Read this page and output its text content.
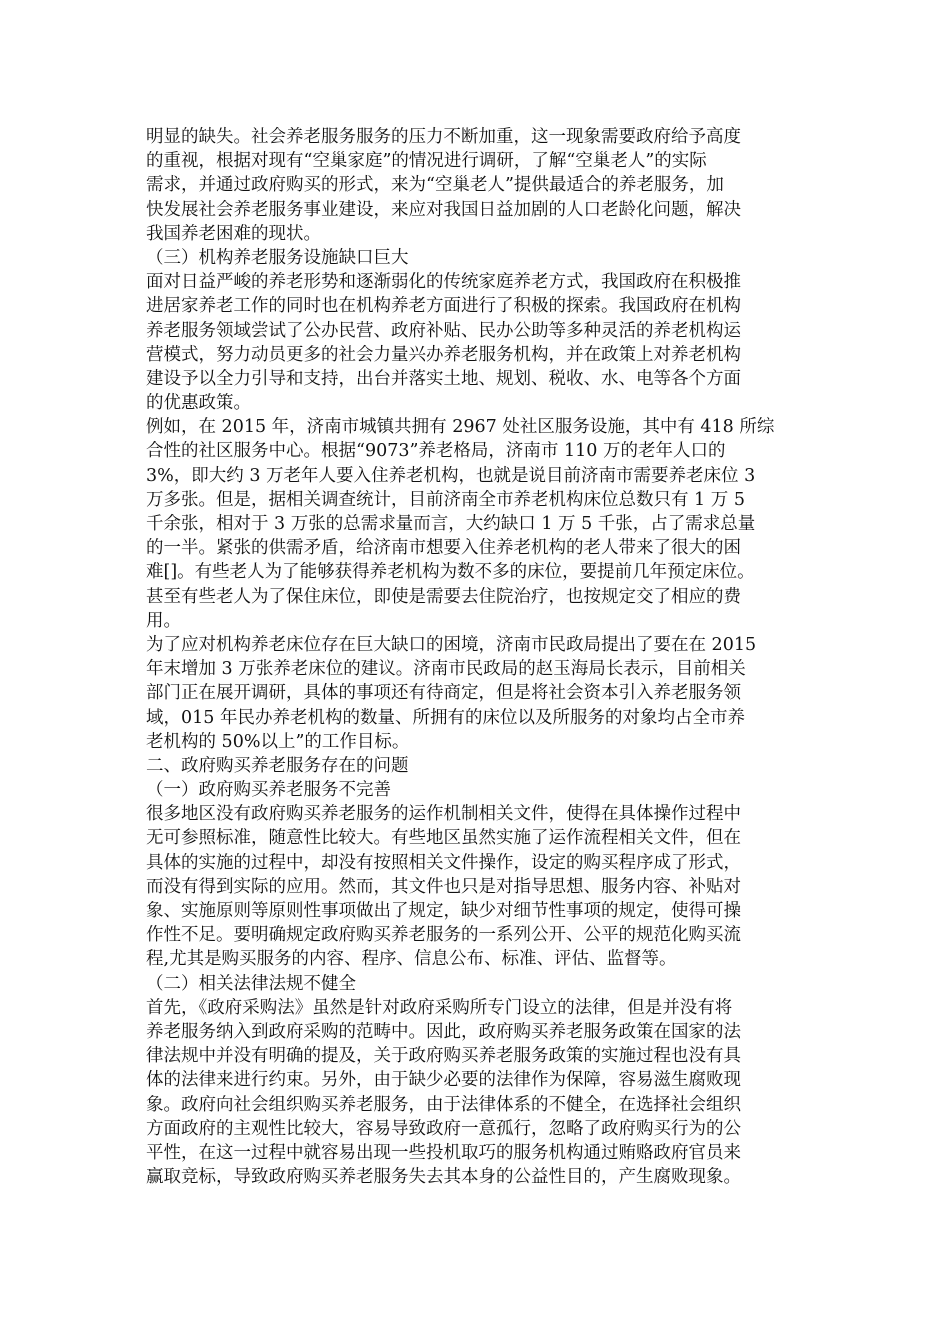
明显的缺失。社会养老服务服务的压力不断加重，这一现象需要政府给予高度
的重视，根据对现有“空巢家庭”的情况进行调研，了解“空巢老人”的实际
需求，并通过政府购买的形式，来为“空巢老人”提供最适合的养老服务，加
快发展社会养老服务事业建设，来应对我国日益加剧的人口老龄化问题，解决
我国养老困难的现状。
（三）机构养老服务设施缺口巨大
面对日益严峻的养老形势和逐渐弱化的传统家庭养老方式，我国政府在积极推
进居家养老工作的同时也在机构养老方面进行了积极的探索。我国政府在机构
养老服务领域尝试了公办民营、政府补贴、民办公助等多种灵活的养老机构运
营模式，努力动员更多的社会力量兴办养老服务机构，并在政策上对养老机构
建设予以全力引导和支持，出台并落实土地、规划、税收、水、电等各个方面
的优惠政策。
例如，在 2015 年，济南市城镇共拥有 2967 处社区服务设施，其中有 418 所综
合性的社区服务中心。根据“9073”养老格局，济南市 110 万的老年人口的
3%，即大约 3 万老年人要入住养老机构，也就是说目前济南市需要养老床位 3
万多张。但是，据相关调查统计，目前济南全市养老机构床位总数只有 1 万 5
千余张，相对于 3 万张的总需求量而言，大约缺口 1 万 5 千张，占了需求总量
的一半。紧张的供需矛盾，给济南市想要入住养老机构的老人带来了很大的困
难[]。有些老人为了能够获得养老机构为数不多的床位，要提前几年预定床位。
甚至有些老人为了保住床位，即使是需要去住院治疗，也按规定交了相应的费
用。
为了应对机构养老床位存在巨大缺口的困境，济南市民政局提出了要在在 2015
年末增加 3 万张养老床位的建议。济南市民政局的赵玉海局长表示，目前相关
部门正在展开调研，具体的事项还有待商定，但是将社会资本引入养老服务领
域，015 年民办养老机构的数量、所拥有的床位以及所服务的对象均占全市养
老机构的 50%以上”的工作目标。
二、政府购买养老服务存在的问题
（一）政府购买养老服务不完善
很多地区没有政府购买养老服务的运作机制相关文件，使得在具体操作过程中
无可参照标准，随意性比较大。有些地区虽然实施了运作流程相关文件，但在
具体的实施的过程中，却没有按照相关文件操作，设定的购买程序成了形式，
而没有得到实际的应用。然而，其文件也只是对指导思想、服务内容、补贴对
象、实施原则等原则性事项做出了规定，缺少对细节性事项的规定，使得可操
作性不足。要明确规定政府购买养老服务的一系列公开、公平的规范化购买流
程,尤其是购买服务的内容、程序、信息公布、标准、评估、监督等。
（二）相关法律法规不健全
首先，《政府采购法》虽然是针对政府采购所专门设立的法律，但是并没有将
养老服务纳入到政府采购的范畴中。因此，政府购买养老服务政策在国家的法
律法规中并没有明确的提及，关于政府购买养老服务政策的实施过程也没有具
体的法律来进行约束。另外，由于缺少必要的法律作为保障，容易滋生腐败现
象。政府向社会组织购买养老服务，由于法律体系的不健全，在选择社会组织
方面政府的主观性比较大，容易导致政府一意孤行，忽略了政府购买行为的公
平性，在这一过程中就容易出现一些投机取巧的服务机构通过贿赂政府官员来
赢取竞标，导致政府购买养老服务失去其本身的公益性目的，产生腐败现象。
